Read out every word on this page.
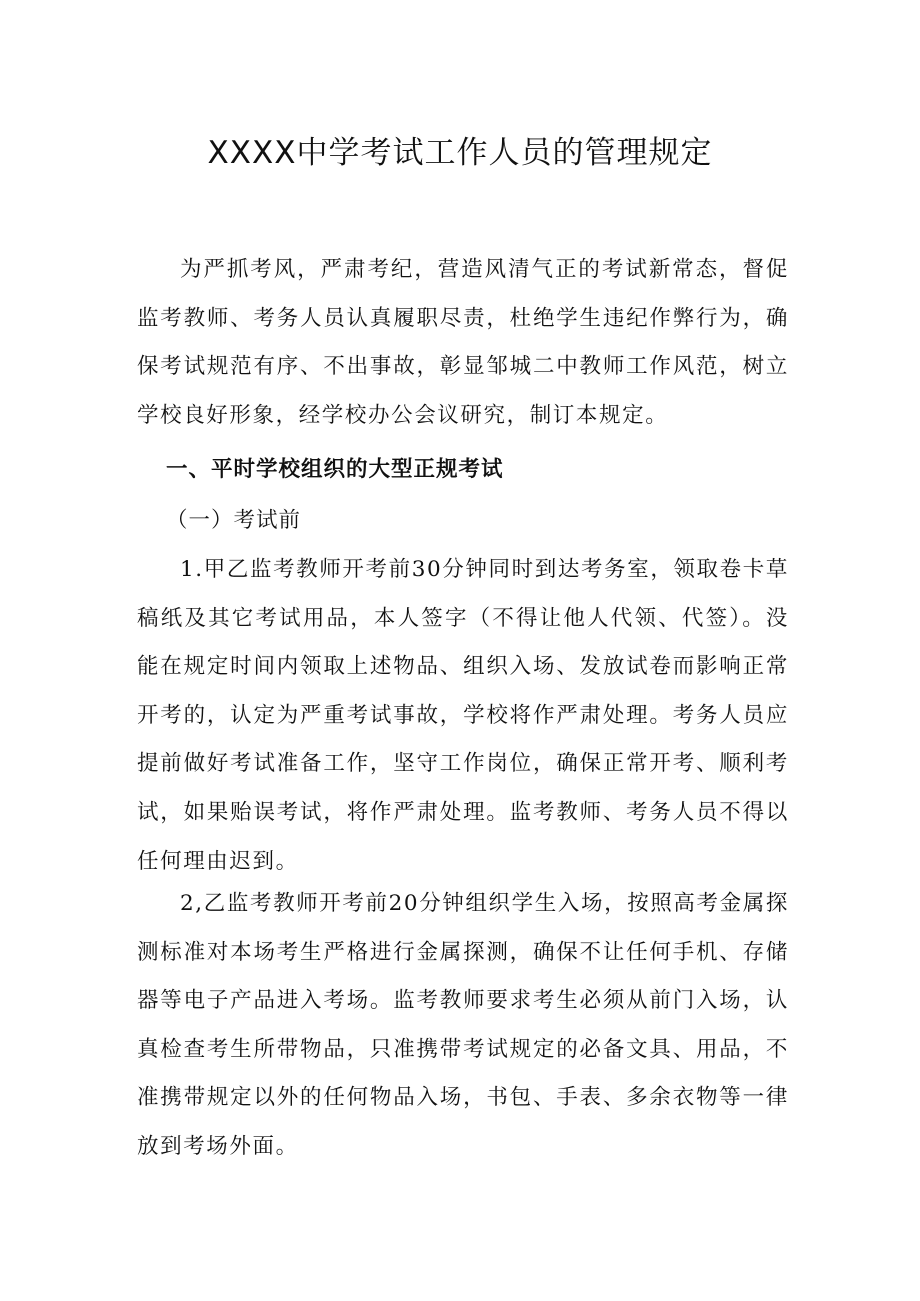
XXXX中学考试工作人员的管理规定

为严抓考风，严肃考纪，营造风清气正的考试新常态，督促监考教师、考务人员认真履职尽责，杜绝学生违纪作弊行为，确保考试规范有序、不出事故，彰显邹城二中教师工作风范，树立学校良好形象，经学校办公会议研究，制订本规定。

一、平时学校组织的大型正规考试
（一）考试前

1.甲乙监考教师开考前30分钟同时到达考务室，领取卷卡草稿纸及其它考试用品，本人签字（不得让他人代领、代签）。没能在规定时间内领取上述物品、组织入场、发放试卷而影响正常开考的，认定为严重考试事故，学校将作严肃处理。考务人员应提前做好考试准备工作，坚守工作岗位，确保正常开考、顺利考试，如果贻误考试，将作严肃处理。监考教师、考务人员不得以任何理由迟到。

2,乙监考教师开考前20分钟组织学生入场，按照高考金属探测标准对本场考生严格进行金属探测，确保不让任何手机、存储器等电子产品进入考场。监考教师要求考生必须从前门入场，认真检查考生所带物品，只准携带考试规定的必备文具、用品，不准携带规定以外的任何物品入场，书包、手表、多余衣物等一律放到考场外面。
